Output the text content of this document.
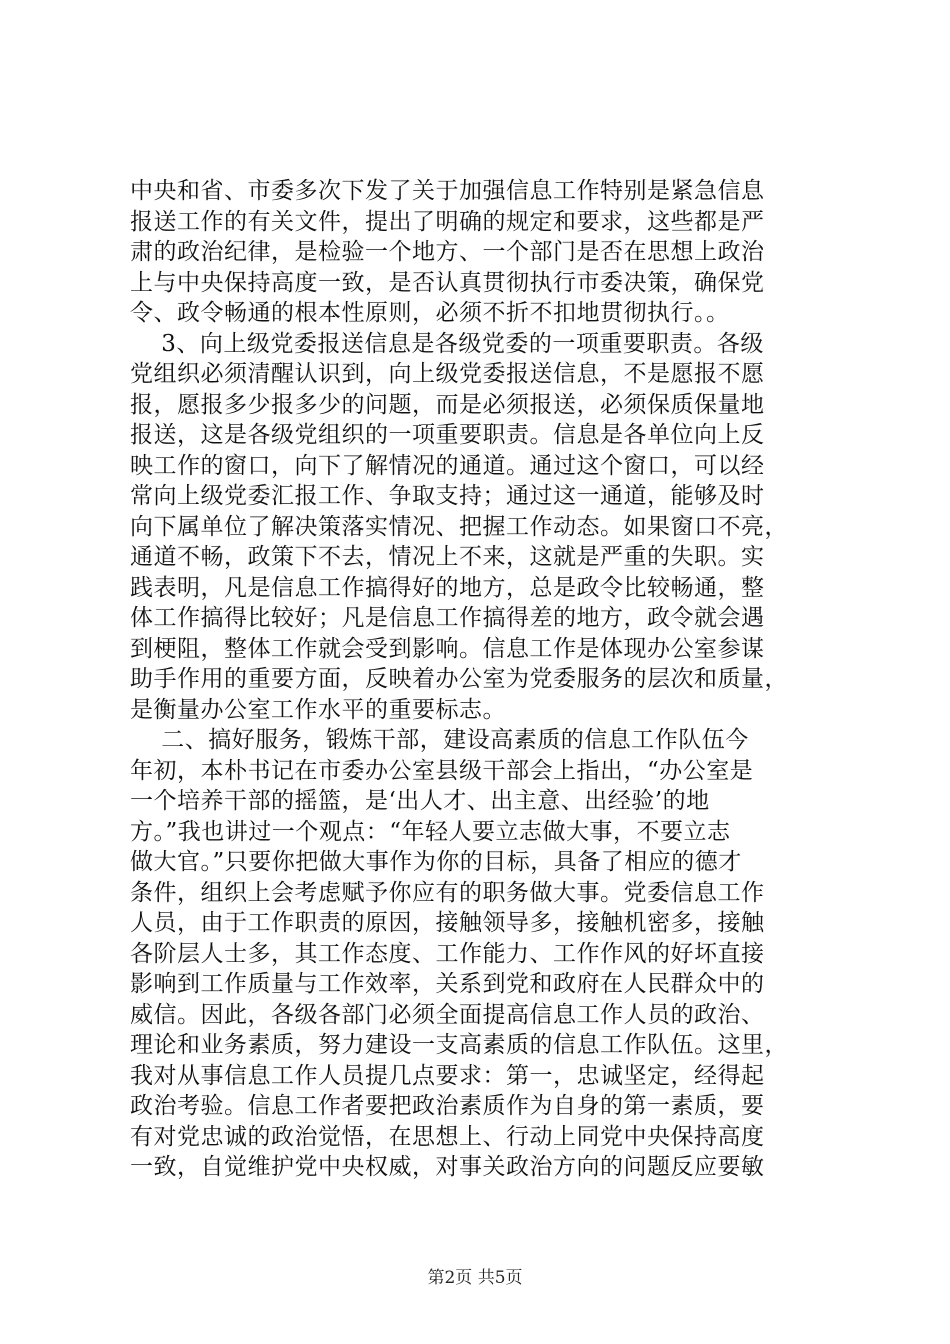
中央和省、市委多次下发了关于加强信息工作特别是紧急信息
报送工作的有关文件，提出了明确的规定和要求，这些都是严
肃的政治纪律，是检验一个地方、一个部门是否在思想上政治
上与中央保持高度一致，是否认真贯彻执行市委决策，确保党
令、政令畅通的根本性原则，必须不折不扣地贯彻执行。。
3、向上级党委报送信息是各级党委的一项重要职责。各级
党组织必须清醒认识到，向上级党委报送信息，不是愿报不愿
报，愿报多少报多少的问题，而是必须报送，必须保质保量地
报送，这是各级党组织的一项重要职责。信息是各单位向上反
映工作的窗口，向下了解情况的通道。通过这个窗口，可以经
常向上级党委汇报工作、争取支持；通过这一通道，能够及时
向下属单位了解决策落实情况、把握工作动态。如果窗口不亮，
通道不畅，政策下不去，情况上不来，这就是严重的失职。实
践表明，凡是信息工作搞得好的地方，总是政令比较畅通，整
体工作搞得比较好；凡是信息工作搞得差的地方，政令就会遇
到梗阻，整体工作就会受到影响。信息工作是体现办公室参谋
助手作用的重要方面，反映着办公室为党委服务的层次和质量，
是衡量办公室工作水平的重要标志。
二、搞好服务，锻炼干部，建设高素质的信息工作队伍今
年初，本朴书记在市委办公室县级干部会上指出，“办公室是
一个培养干部的摇篮，是‘出人才、出主意、出经验’的地
方。”我也讲过一个观点：“年轻人要立志做大事，不要立志
做大官。”只要你把做大事作为你的目标，具备了相应的德才
条件，组织上会考虑赋予你应有的职务做大事。党委信息工作
人员，由于工作职责的原因，接触领导多，接触机密多，接触
各阶层人士多，其工作态度、工作能力、工作作风的好坏直接
影响到工作质量与工作效率，关系到党和政府在人民群众中的
威信。因此，各级各部门必须全面提高信息工作人员的政治、
理论和业务素质，努力建设一支高素质的信息工作队伍。这里，
我对从事信息工作人员提几点要求：第一，忠诚坚定，经得起
政治考验。信息工作者要把政治素质作为自身的第一素质，要
有对党忠诚的政治觉悟，在思想上、行动上同党中央保持高度
一致，自觉维护党中央权威，对事关政治方向的问题反应要敏
第2页 共5页
